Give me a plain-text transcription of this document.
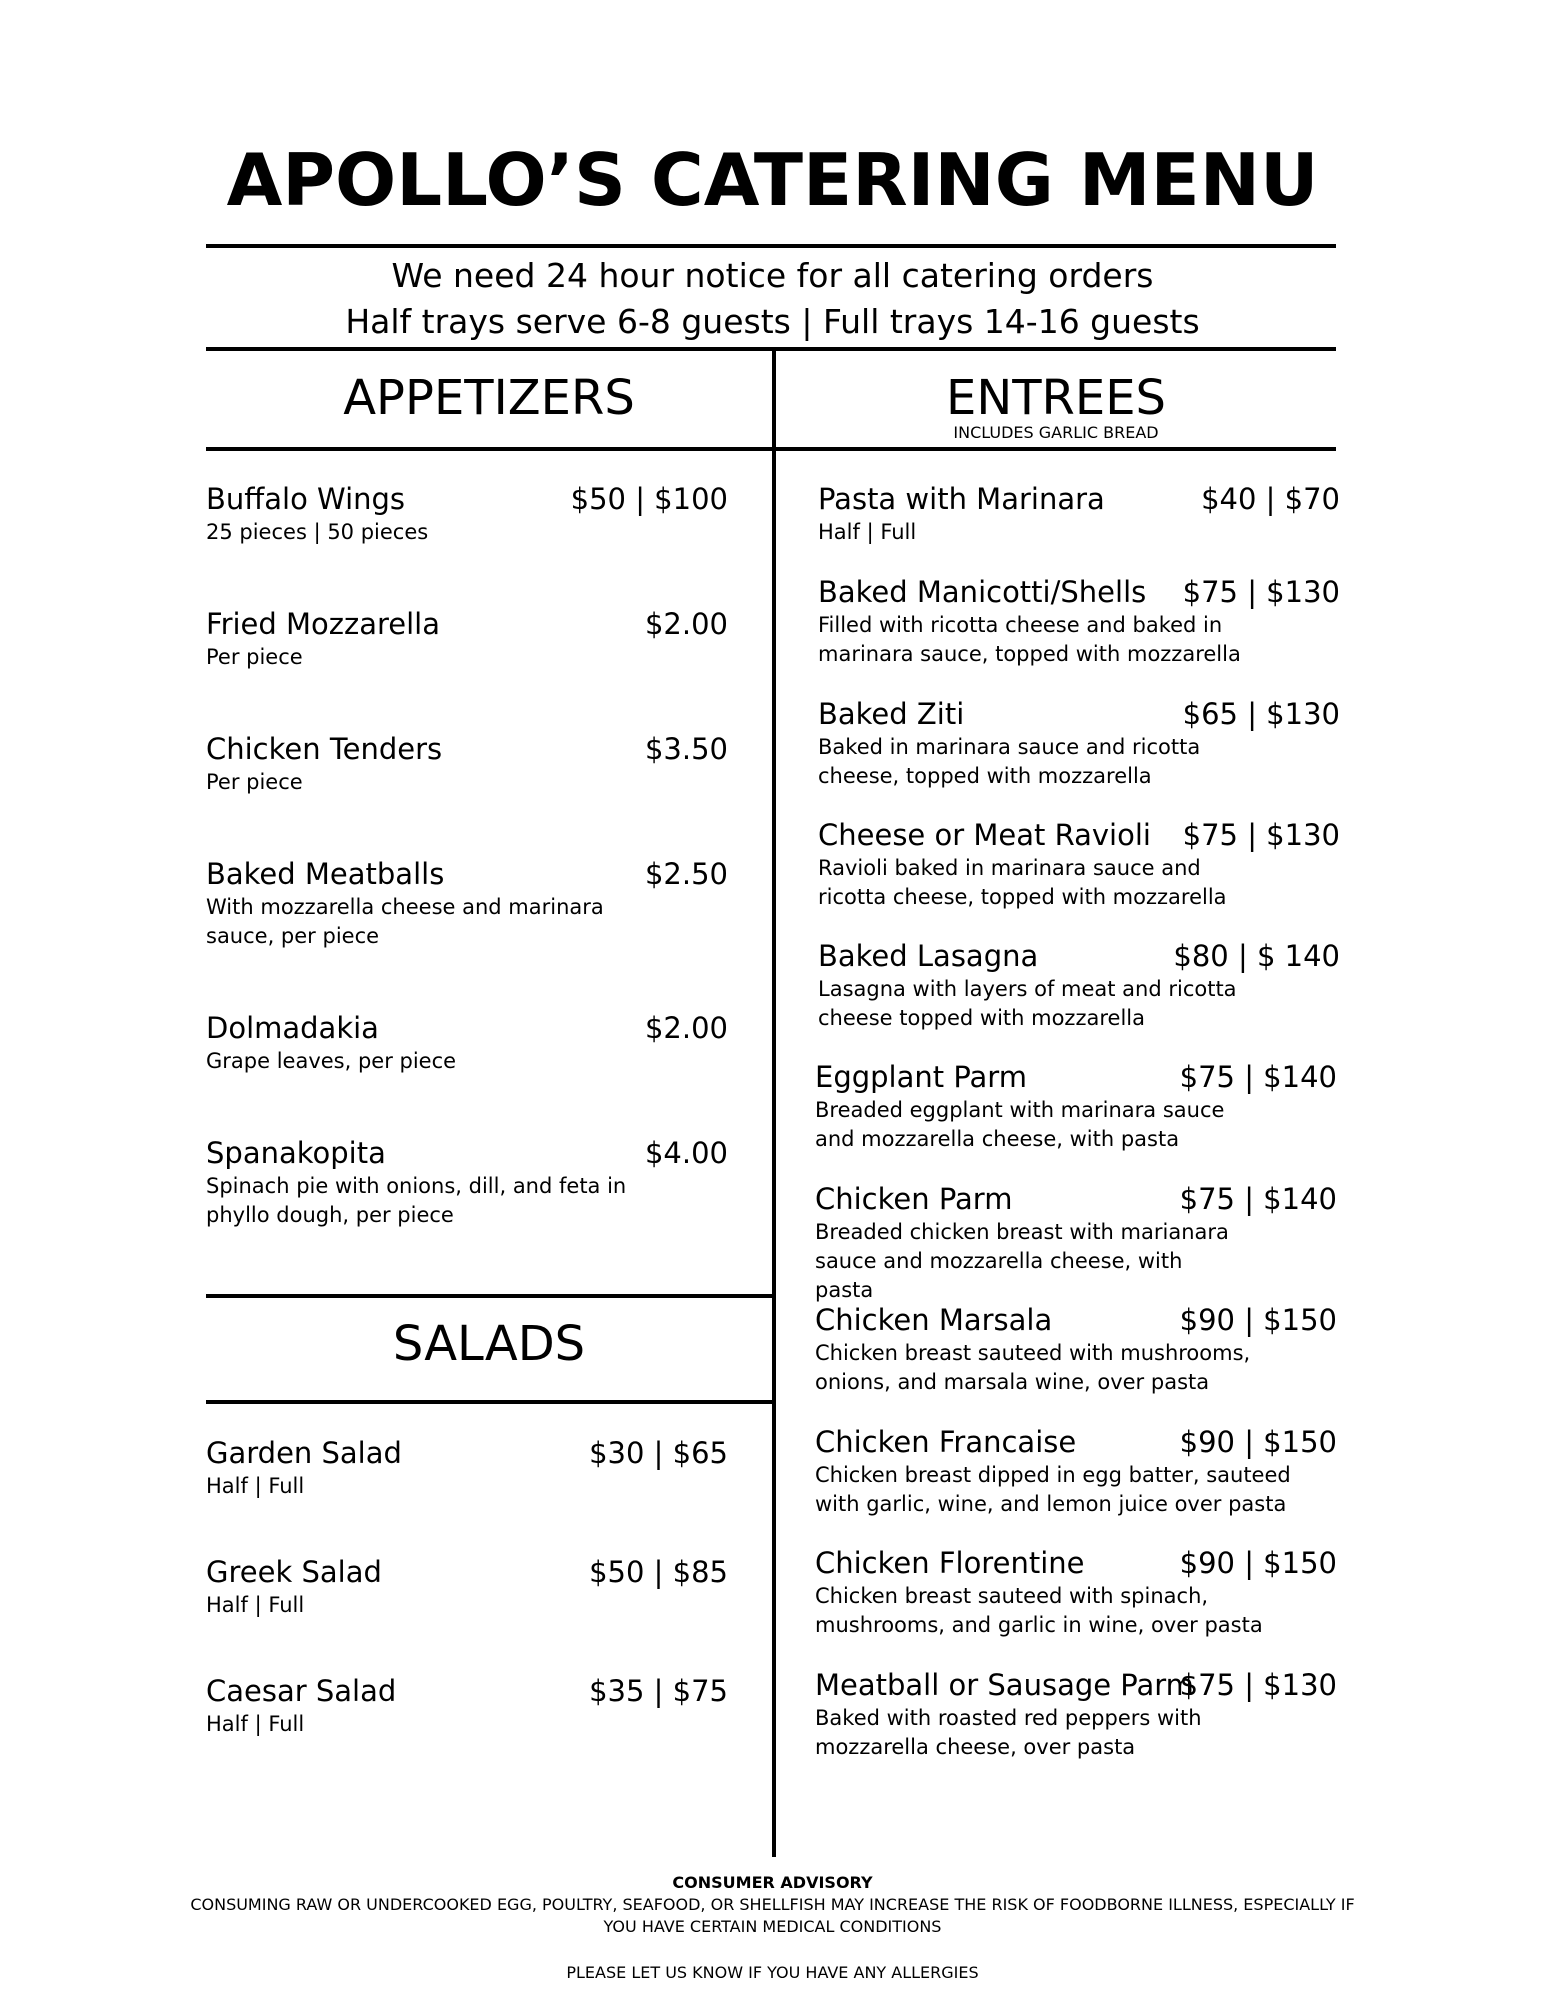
APOLLO’S CATERING MENU
We need 24 hour notice for all catering orders
Half trays serve 6-8 guests | Full trays 14-16 guests
APPETIZERS	ENTREES
INCLUDES GARLIC BREAD
Buffalo Wings	$50 | $100
25 pieces | 50 pieces
Fried Mozzarella	$2.00
Per piece
Chicken Tenders	$3.50
Per piece
Baked Meatballs	$2.50
With mozzarella cheese and marinara sauce, per piece
Dolmadakia	$2.00
Grape leaves, per piece
Spanakopita	$4.00
Spinach pie with onions, dill, and feta in phyllo dough, per piece
SALADS
Garden Salad	$30 | $65
Half | Full
Greek Salad	$50 | $85
Half | Full
Caesar Salad	$35 | $75
Half | Full
Pasta with Marinara	$40 | $70
Half | Full
Baked Manicotti/Shells $75 | $130
Filled with ricotta cheese and baked in marinara sauce, topped with mozzarella
Baked Ziti	$65 | $130
Baked in marinara sauce and ricotta cheese, topped with mozzarella
Cheese or Meat Ravioli $75 | $130
Ravioli baked in marinara sauce and ricotta cheese, topped with mozzarella
Baked Lasagna	$80 | $ 140
Lasagna with layers of meat and ricotta cheese topped with mozzarella
Eggplant Parm	$75 | $140
Breaded eggplant with marinara sauce and mozzarella cheese, with pasta
Chicken Parm	$75 | $140
Breaded chicken breast with marianara sauce and mozzarella cheese, with pasta
Chicken Marsala	$90 | $150
Chicken breast sauteed with mushrooms, onions, and marsala wine, over pasta
Chicken Francaise	$90 | $150
Chicken breast dipped in egg batter, sauteed with garlic, wine, and lemon juice over pasta
Chicken Florentine	$90 | $150
Chicken breast sauteed with spinach, mushrooms, and garlic in wine, over pasta
Meatball or Sausage Parm
$75 | $130
Baked with roasted red peppers with mozzarella cheese, over pasta
CONSUMER ADVISORY
CONSUMING RAW OR UNDERCOOKED EGG, POULTRY, SEAFOOD, OR SHELLFISH MAY INCREASE THE RISK OF FOODBORNE ILLNESS, ESPECIALLY IF
YOU HAVE CERTAIN MEDICAL CONDITIONS
PLEASE LET US KNOW IF YOU HAVE ANY ALLERGIES
